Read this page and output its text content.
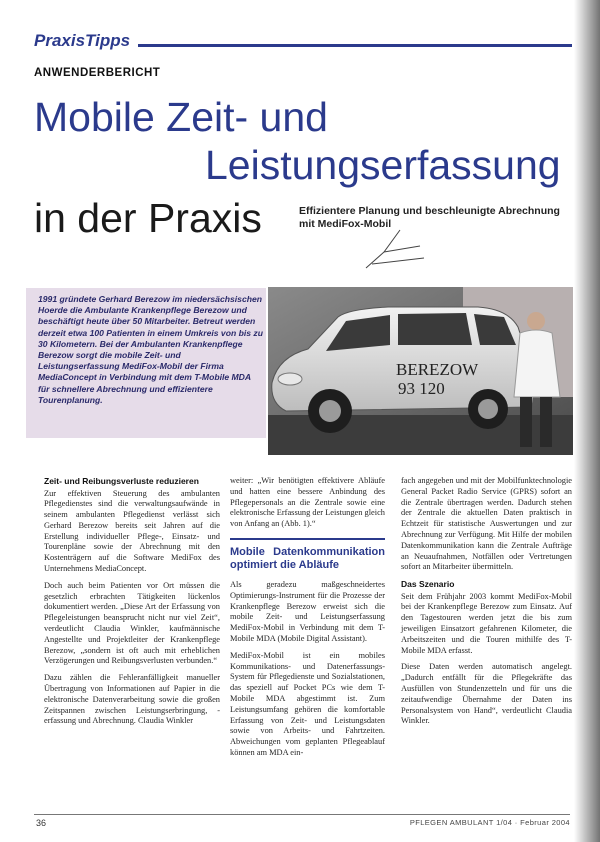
PraxisTipps
ANWENDERBERICHT
Mobile Zeit- und
Leistungserfassung
in der Praxis	Effizientere Planung und beschleunigte Abrechnung mit MediFox-Mobil
1991 gründete Gerhard Berezow im niedersächsischen Hoerde die Ambulante Krankenpflege Berezow und beschäftigt heute über 50 Mitarbeiter. Betreut werden derzeit etwa 100 Patienten in einem Umkreis von bis zu 30 Kilometern. Bei der Ambulanten Krankenpflege Berezow sorgt die mobile Zeit- und Leistungserfassung MediFox-Mobil der Firma MediaConcept in Verbindung mit dem T-Mobile MDA für schnellere Abrechnung und effizientere Tourenplanung.
BEREZOW
93 120
Zeit- und Reibungsverluste reduzieren

Zur effektiven Steuerung des ambulanten Pflegedienstes sind die verwaltungsaufwände in seinem ambulanten Pflegedienst verlässt sich Gerhard Berezow bereits seit Jahren auf die Erstellung individueller Pflege-, Einsatz- und Tourenpläne sowie der Abrechnung mit den Kostenträgern auf die Software MediFox des Unternehmens MediaConcept.

Doch auch beim Patienten vor Ort müssen die gesetzlich erbrachten Tätigkeiten lückenlos dokumentiert werden. „Diese Art der Erfassung von Pflegeleistungen beansprucht nicht nur viel Zeit“, verdeutlicht Claudia Winkler, kaufmännische Angestellte und Projektleiter der Krankenpflege Berezow, „sondern ist oft auch mit erheblichen Verzögerungen und Reibungsverlusten verbunden.“

Dazu zählen die Fehleranfälligkeit manueller Übertragung von Informationen auf Papier in die elektronische Datenverarbeitung sowie die großen Zeitspannen zwischen Leistungserbringung, -erfassung und Abrechnung. Claudia Winkler

weiter: „Wir benötigten effektivere Abläufe und hatten eine bessere Anbindung des Pflegepersonals an die Zentrale sowie eine elektronische Erfassung der Leistungen gleich von Anfang an (Abb. 1).“

Mobile Datenkommunikation optimiert die Abläufe

Als geradezu maßgeschneidertes Optimierungs-Instrument für die Prozesse der Krankenpflege Berezow erweist sich die mobile Zeit- und Leistungserfassung MediFox-Mobil in Verbindung mit dem T-Mobile MDA (Mobile Digital Assistant).

MediFox-Mobil ist ein mobiles Kommunikations- und Datenerfassungs-System für Pflegedienste und Sozialstationen, das speziell auf Pocket PCs wie dem T-Mobile MDA abgestimmt ist. Zum Leistungsumfang gehören die komfortable Erfassung von Zeit- und Leistungsdaten sowie von Arbeits- und Fahrtzeiten. Abweichungen vom geplanten Pflegeablauf können am MDA ein-

fach angegeben und mit der Mobilfunktechnologie General Packet Radio Service (GPRS) sofort an die Zentrale übertragen werden. Dadurch stehen der Zentrale die aktuellen Daten praktisch in Echtzeit für statistische Auswertungen und zur Abrechnung zur Verfügung. Mit Hilfe der mobilen Datenkommunikation kann die Zentrale Aufträge an Neuaufnahmen, Notfällen oder Vertretungen sofort an Mitarbeiter übermitteln.

Das Szenario

Seit dem Frühjahr 2003 kommt MediFox-Mobil bei der Krankenpflege Berezow zum Einsatz. Auf den Tagestouren werden jetzt die bis zum jeweiligen Einsatzort gefahrenen Kilometer, die Arbeitszeiten und die Touren mithilfe des T-Mobile MDA erfasst.

Diese Daten werden automatisch angelegt. „Dadurch entfällt für die Pflegekräfte das Ausfüllen von Stundenzetteln und für uns die zeitaufwendige Übernahme der Daten ins Personalsystem von Hand“, verdeutlicht Claudia Winkler.

36	PFLEGEN AMBULANT 1/04 · Februar 2004
